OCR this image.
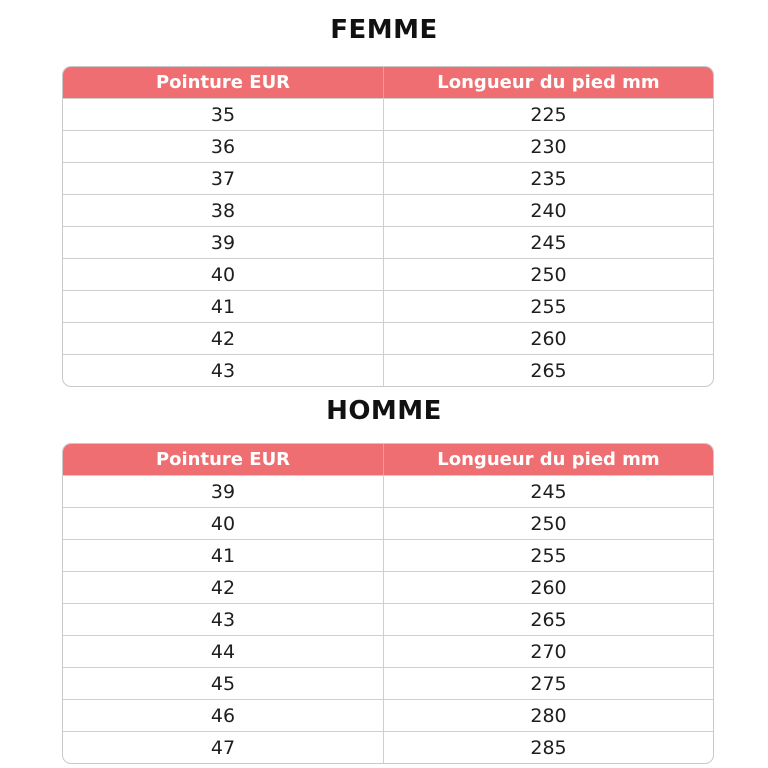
FEMME
Pointure EUR	Longueur du pied mm
35	225
36	230
37	235
38	240
39	245
40	250
41	255
42	260
43	265
HOMME
Pointure EUR	Longueur du pied mm
39	245
40	250
41	255
42	260
43	265
44	270
45	275
46	280
47	285
